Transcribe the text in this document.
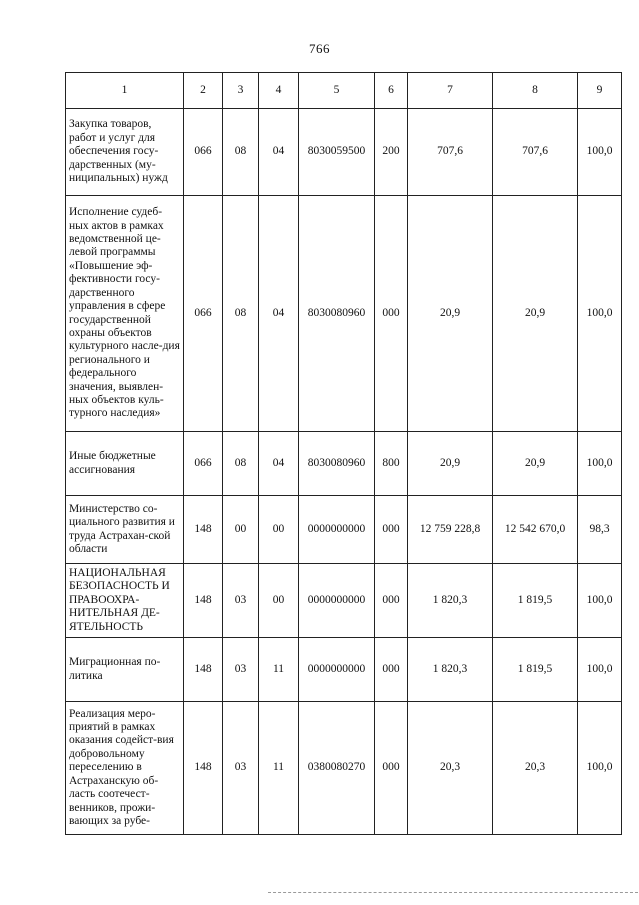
766
1	2	3	4	5	6	7	8	9
Закупка товаров, работ и услуг для обеспечения госу-дарственных (му-ниципальных) нужд	066	08	04	8030059500	200	707,6	707,6	100,0
Исполнение судеб-ных актов в рамках ведомственной це-левой программы «Повышение эф-фективности госу-дарственного управления в сфере государственной охраны объектов культурного насле-дия регионального и федерального значения, выявлен-ных объектов куль-турного наследия»	066	08	04	8030080960	000	20,9	20,9	100,0
Иные бюджетные ассигнования	066	08	04	8030080960	800	20,9	20,9	100,0
Министерство со-циального развития и труда Астрахан-ской области	148	00	00	0000000000	000	12 759 228,8	12 542 670,0	98,3
НАЦИОНАЛЬНАЯ БЕЗОПАСНОСТЬ И ПРАВООХРА-НИТЕЛЬНАЯ ДЕ-ЯТЕЛЬНОСТЬ	148	03	00	0000000000	000	1 820,3	1 819,5	100,0
Миграционная по-литика	148	03	11	0000000000	000	1 820,3	1 819,5	100,0
Реализация меро-приятий в рамках оказания содейст-вия добровольному переселению в Астраханскую об-ласть соотечест-венников, прожи-вающих за рубе-	148	03	11	0380080270	000	20,3	20,3	100,0
